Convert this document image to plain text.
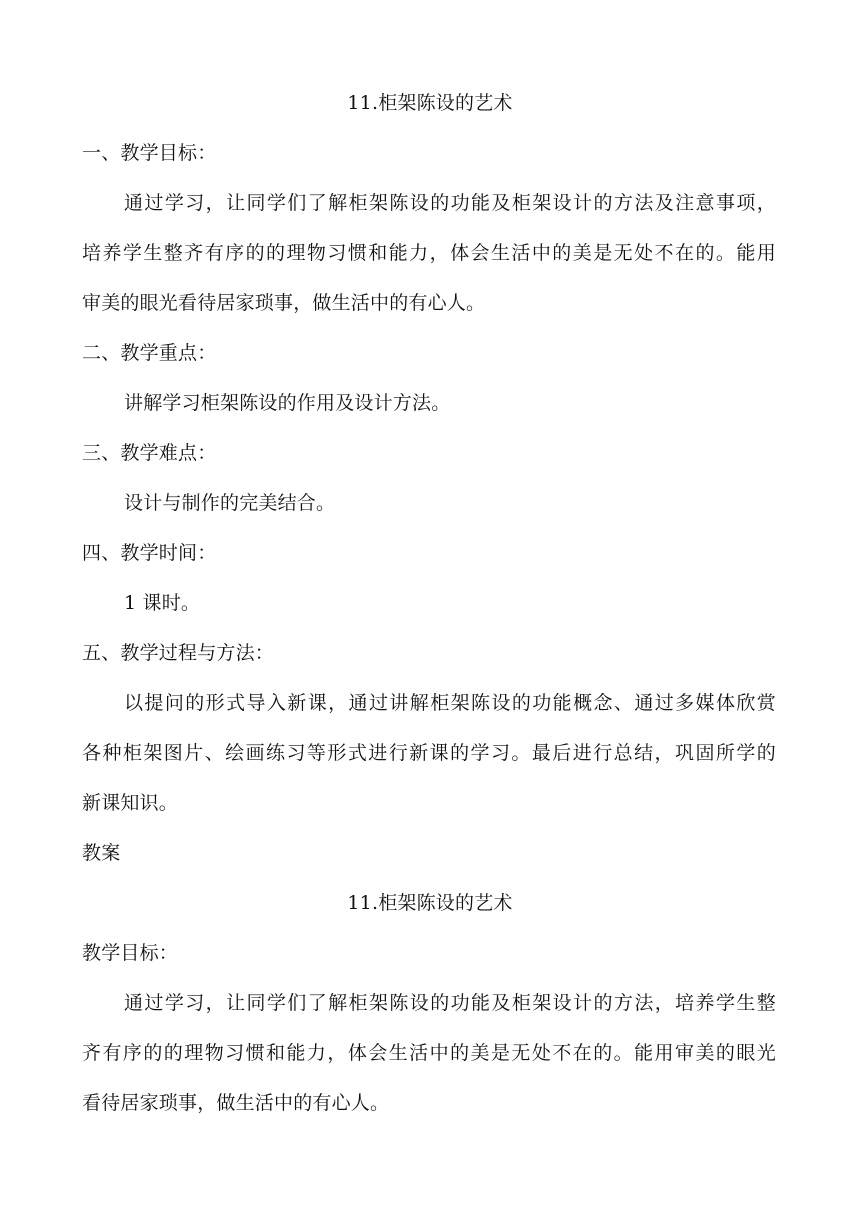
11.柜架陈设的艺术
一、教学目标：
通过学习，让同学们了解柜架陈设的功能及柜架设计的方法及注意事项，
培养学生整齐有序的的理物习惯和能力，体会生活中的美是无处不在的。能用
审美的眼光看待居家琐事，做生活中的有心人。
二、教学重点：
讲解学习柜架陈设的作用及设计方法。
三、教学难点：
设计与制作的完美结合。
四、教学时间：
1 课时。
五、教学过程与方法：
以提问的形式导入新课，通过讲解柜架陈设的功能概念、通过多媒体欣赏
各种柜架图片、绘画练习等形式进行新课的学习。最后进行总结，巩固所学的
新课知识。
教案
11.柜架陈设的艺术
教学目标：
通过学习，让同学们了解柜架陈设的功能及柜架设计的方法，培养学生整
齐有序的的理物习惯和能力，体会生活中的美是无处不在的。能用审美的眼光
看待居家琐事，做生活中的有心人。
